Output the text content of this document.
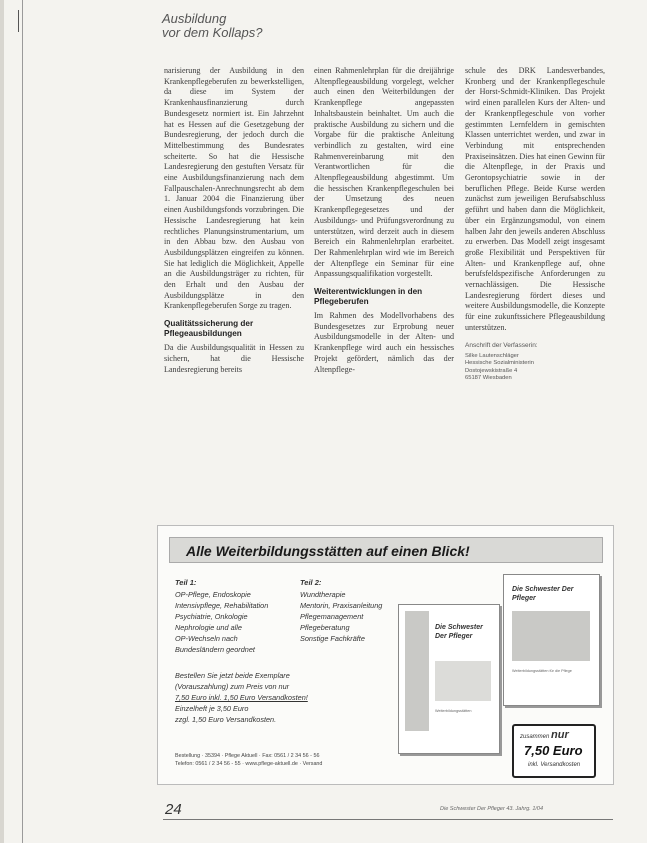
Ausbildung
vor dem Kollaps?

narisierung der Ausbildung in den Krankenpflegeberufen zu bewerkstelligen, da diese im System der Krankenhausfinanzierung durch Bundesgesetz normiert ist. Ein Jahrzehnt hat es Hessen auf die Gesetzgebung der Bundesregierung, der jedoch durch die Mittelbestimmung des Bundesrates scheiterte. So hat die Hessische Landesregierung den gestuften Versatz für eine Ausbildungsfinanzierung nach dem Fallpauschalen-Anrechnungsrecht ab dem 1. Januar 2004 die Finanzierung über einen Ausbildungsfonds vorzubringen. Die Hessische Landesregierung hat kein rechtliches Planungsinstrumentarium, um in den Abbau bzw. den Ausbau von Ausbildungsplätzen eingreifen zu können. Sie hat lediglich die Möglichkeit, Appelle an die Ausbildungsträger zu richten, für den Erhalt und den Ausbau der Ausbildungsplätze in den Krankenpflegeberufen Sorge zu tragen.

Qualitätssicherung der Pflegeausbildungen

Da die Ausbildungsqualität in Hessen zu sichern, hat die Hessische Landesregierung bereits

einen Rahmenlehrplan für die dreijährige Altenpflegeausbildung vorgelegt, welcher auch einen den Weiterbildungen der Krankenpflege angepassten Inhaltsbaustein beinhaltet. Um auch die praktische Ausbildung zu sichern und die Vorgabe für die praktische Anleitung verbindlich zu gestalten, wird eine Rahmenvereinbarung mit den Verantwortlichen für die Altenpflegeausbildung abgestimmt. Um die hessischen Krankenpflegeschulen bei der Umsetzung des neuen Krankenpflegegesetzes und der Ausbildungs- und Prüfungsverordnung zu unterstützen, wird derzeit auch in diesem Bereich ein Rahmenlehrplan erarbeitet. Der Rahmenlehrplan wird wie im Bereich der Altenpflege ein Seminar für eine Anpassungsqualifikation vorgestellt.

Weiterentwicklungen in den Pflegeberufen

Im Rahmen des Modellvorhabens des Bundesgesetzes zur Erprobung neuer Ausbildungsmodelle in der Alten- und Krankenpflege wird auch ein hessisches Projekt gefördert, nämlich das der Altenpflege-

schule des DRK Landesverbandes, Kronberg und der Krankenpflegeschule der Horst-Schmidt-Kliniken. Das Projekt wird einen parallelen Kurs der Alten- und der Krankenpflegeschule von vorher gestimmten Lernfeldern in gemischten Klassen unterrichtet werden, und zwar in Verbindung mit entsprechenden Praxiseinsätzen. Dies hat einen Gewinn für die Altenpflege, in der Praxis und Gerontopsychiatrie sowie in der beruflichen Pflege. Beide Kurse werden zunächst zum jeweiligen Berufsabschluss geführt und haben dann die Möglichkeit, über ein Ergänzungsmodul, von einem halben Jahr den jeweils anderen Abschluss zu erwerben. Das Modell zeigt insgesamt große Flexibilität und Perspektiven für Alten- und Krankenpflege auf, ohne berufsfeldspezifische Anforderungen zu vernachlässigen. Die Hessische Landesregierung fördert dieses und weitere Ausbildungsmodelle, die Konzepte für eine zukunftssichere Pflegeausbildung unterstützen.

Anschrift der Verfasserin:
Silke Lautenschläger
Hessische Sozialministerin
Dostojewskistraße 4
65187 Wiesbaden
Alle Weiterbildungsstätten auf einen Blick!
Teil 1:
OP-Pflege, Endoskopie
Intensivpflege, Rehabilitation
Psychiatrie, Onkologie
Nephrologie und alle
OP-Wechseln nach
Bundesländern geordnet
Teil 2:
Wundtherapie
Mentorin, Praxisanleitung
Pflegemanagement
Pflegeberatung
Sonstige Fachkräfte
Bestellen Sie jetzt beide Exemplare
(Vorauszahlung) zum Preis von nur
7,50 Euro inkl. 1,50 Euro Versandkosten!
Einzelheft je 3,50 Euro
zzgl. 1,50 Euro Versandkosten.
Bestellung · 35394 · Pflege Aktuell · Fax: 0561 / 2 34 56 - 56
Telefon: 0561 / 2 34 56 - 55 · www.pflege-aktuell.de · Versand
Die Schwester Der Pfleger
Weiterbildungsstätten für die Pflege
Die Schwester Der Pfleger
Weiterbildungsstätten
zusammen nur
7,50 Euro
inkl. Versandkosten
24	Die Schwester Der Pfleger 43. Jahrg. 1/04
